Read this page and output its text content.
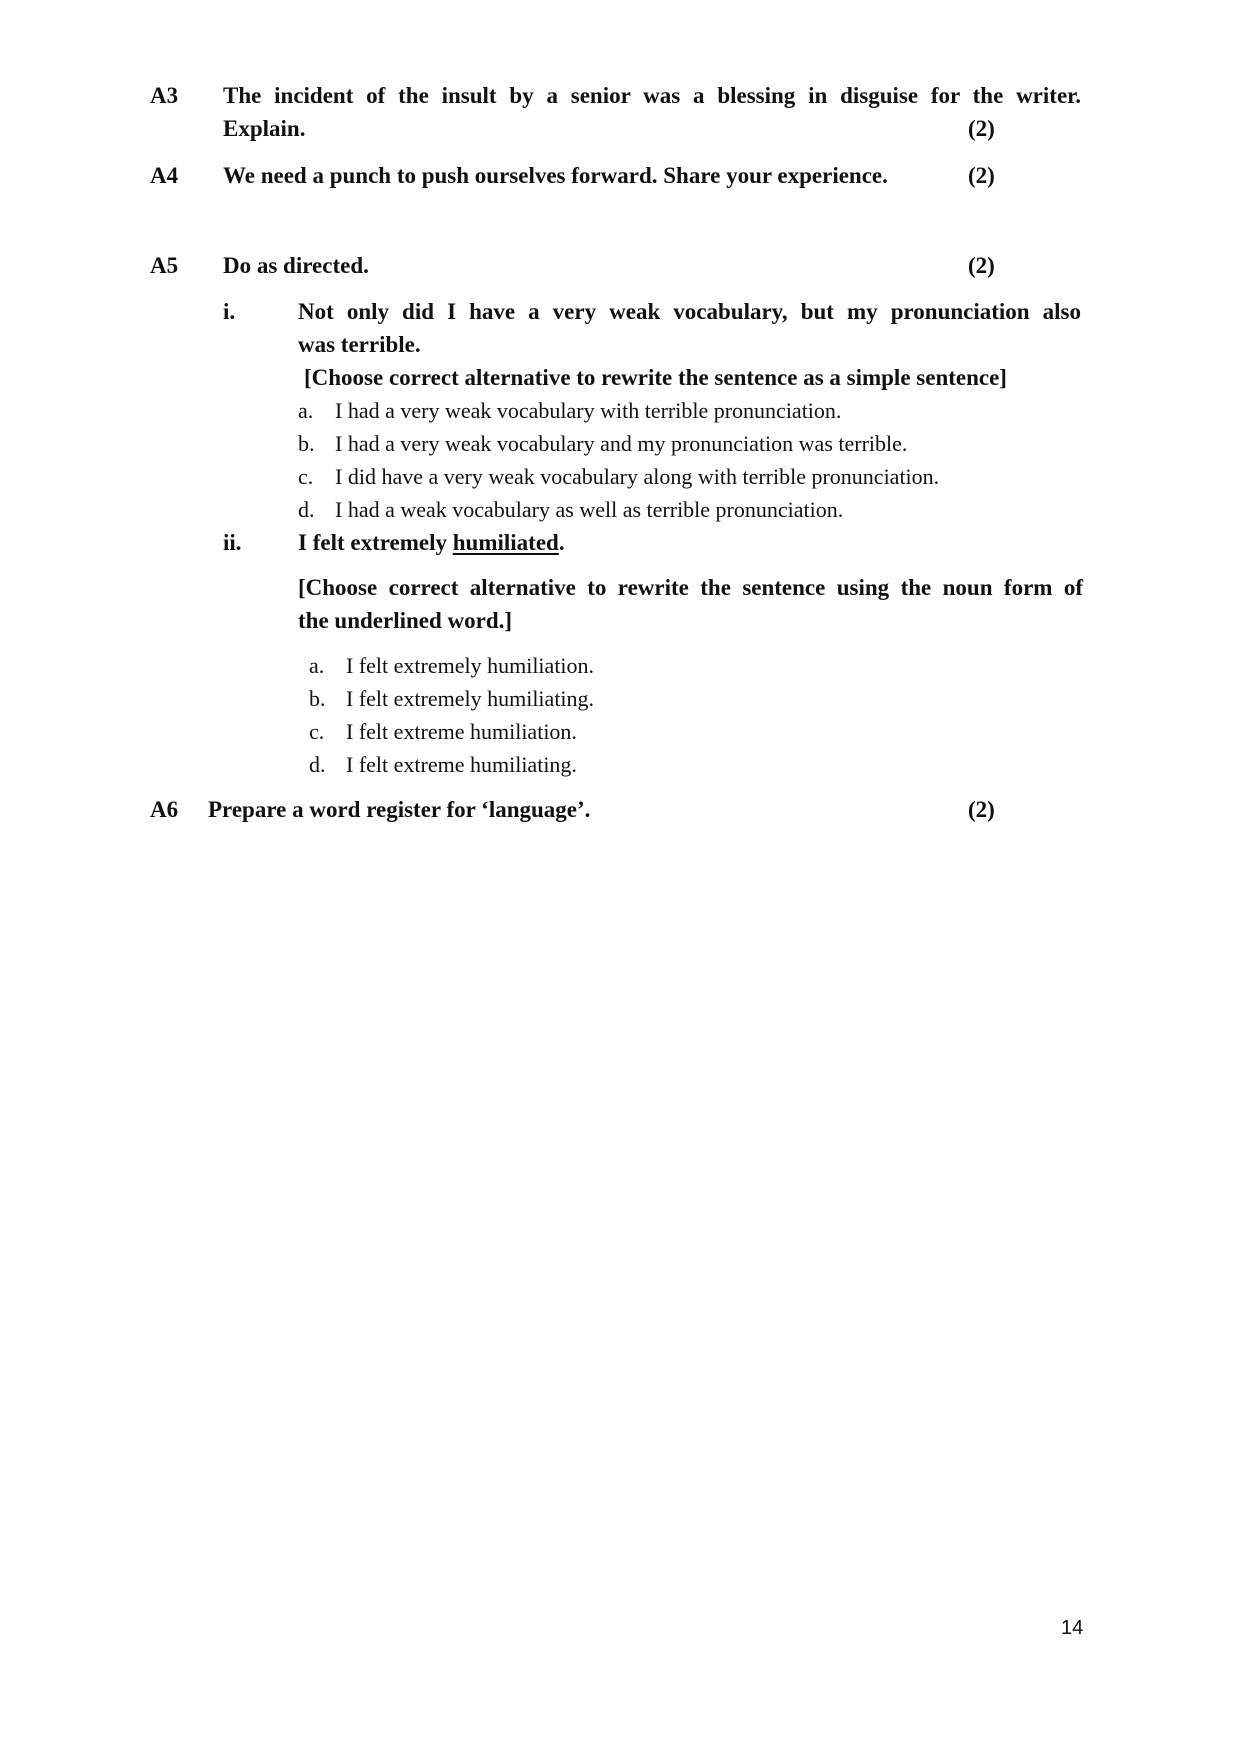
A3 The incident of the insult by a senior was a blessing in disguise for the writer.
Explain.	(2)
A4 We need a punch to push ourselves forward. Share your experience.	(2)
A5 Do as directed.	(2)
i.	Not only did I have a very weak vocabulary, but my pronunciation also
was terrible.
[Choose correct alternative to rewrite the sentence as a simple sentence]
a. I had a very weak vocabulary with terrible pronunciation.
b. I had a very weak vocabulary and my pronunciation was terrible.
c. I did have a very weak vocabulary along with terrible pronunciation.
d. I had a weak vocabulary as well as terrible pronunciation.
ii. I felt extremely humiliated.
[Choose correct alternative to rewrite the sentence using the noun form of
the underlined word.]
a. I felt extremely humiliation.
b. I felt extremely humiliating.
c. I felt extreme humiliation.
d. I felt extreme humiliating.
A6 Prepare a word register for ‘language’.	(2)
14
